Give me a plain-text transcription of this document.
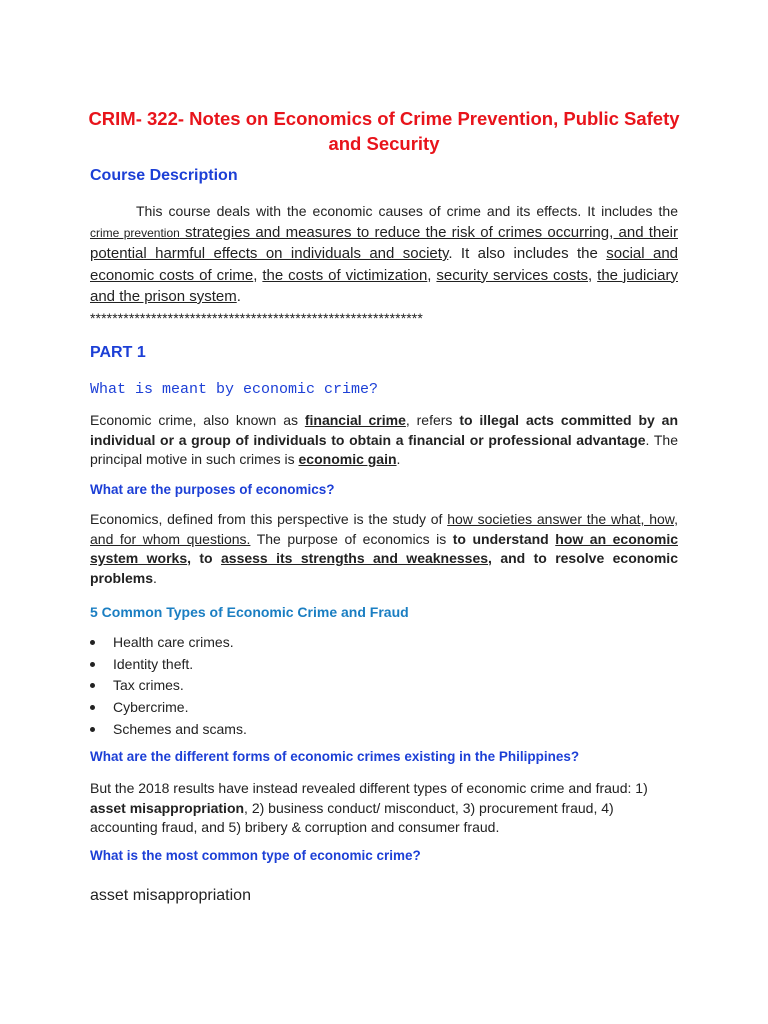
CRIM- 322- Notes on Economics of Crime Prevention, Public Safety and Security
Course Description
This course deals with the economic causes of crime and its effects. It includes the crime prevention strategies and measures to reduce the risk of crimes occurring, and their potential harmful effects on individuals and society. It also includes the social and economic costs of crime, the costs of victimization, security services costs, the judiciary and the prison system.
************************************************************
PART 1
What is meant by economic crime?
Economic crime, also known as financial crime, refers to illegal acts committed by an individual or a group of individuals to obtain a financial or professional advantage. The principal motive in such crimes is economic gain.
What are the purposes of economics?
Economics, defined from this perspective is the study of how societies answer the what, how, and for whom questions. The purpose of economics is to understand how an economic system works, to assess its strengths and weaknesses, and to resolve economic problems.
5 Common Types of Economic Crime and Fraud
Health care crimes.
Identity theft.
Tax crimes.
Cybercrime.
Schemes and scams.
What are the different forms of economic crimes existing in the Philippines?
But the 2018 results have instead revealed different types of economic crime and fraud: 1) asset misappropriation, 2) business conduct/ misconduct, 3) procurement fraud, 4) accounting fraud, and 5) bribery & corruption and consumer fraud.
What is the most common type of economic crime?
asset misappropriation
